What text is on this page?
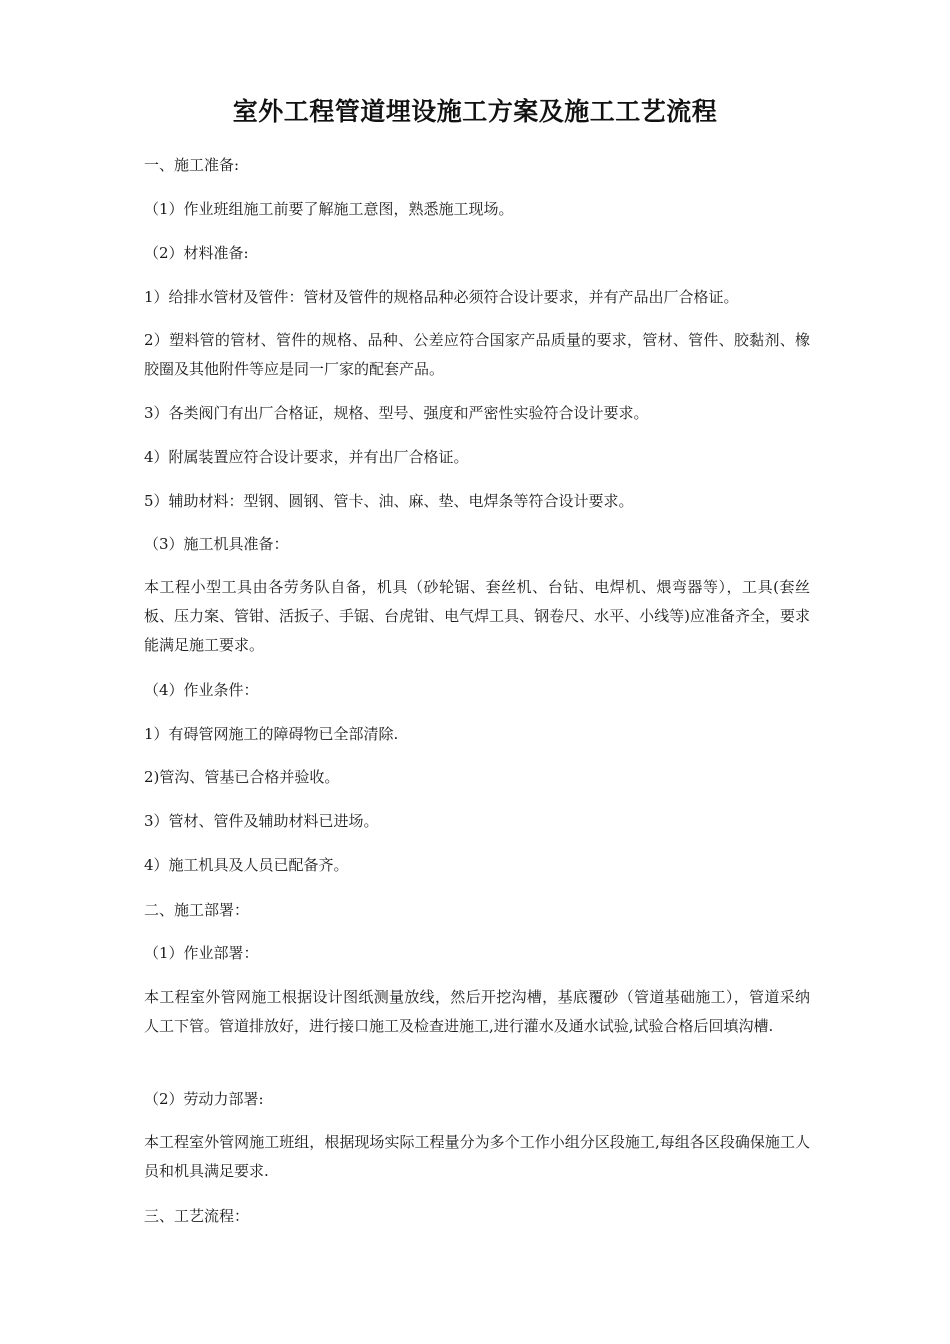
室外工程管道埋设施工方案及施工工艺流程
一、施工准备:
（1）作业班组施工前要了解施工意图，熟悉施工现场。
（2）材料准备:
1）给排水管材及管件：管材及管件的规格品种必须符合设计要求，并有产品出厂合格证。
2）塑料管的管材、管件的规格、品种、公差应符合国家产品质量的要求，管材、管件、胶黏剂、橡胶圈及其他附件等应是同一厂家的配套产品。
3）各类阀门有出厂合格证，规格、型号、强度和严密性实验符合设计要求。
4）附属装置应符合设计要求，并有出厂合格证。
5）辅助材料：型钢、圆钢、管卡、油、麻、垫、电焊条等符合设计要求。
（3）施工机具准备：
本工程小型工具由各劳务队自备，机具（砂轮锯、套丝机、台钻、电焊机、煨弯器等），工具(套丝板、压力案、管钳、活扳子、手锯、台虎钳、电气焊工具、钢卷尺、水平、小线等)应准备齐全，要求能满足施工要求。
（4）作业条件：
1）有碍管网施工的障碍物已全部清除.
2)管沟、管基已合格并验收。
3）管材、管件及辅助材料已进场。
4）施工机具及人员已配备齐。
二、施工部署：
（1）作业部署：
本工程室外管网施工根据设计图纸测量放线，然后开挖沟槽，基底覆砂（管道基础施工），管道采纳人工下管。管道排放好，进行接口施工及检查进施工,进行灌水及通水试验,试验合格后回填沟槽.
（2）劳动力部署:
本工程室外管网施工班组，根据现场实际工程量分为多个工作小组分区段施工,每组各区段确保施工人员和机具满足要求.
三、工艺流程：
